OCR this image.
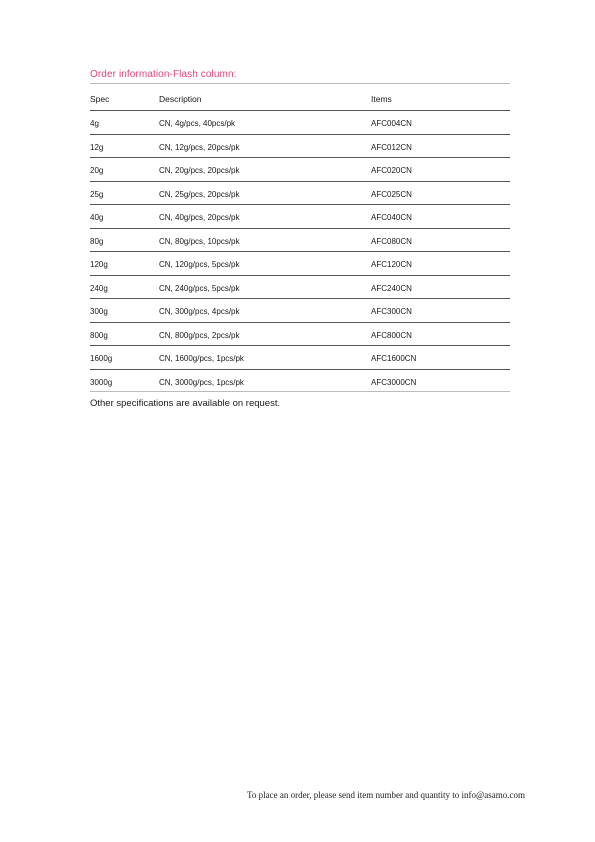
Order information-Flash column:
Spec	Description	Items
4g	CN, 4g/pcs, 40pcs/pk	AFC004CN
12g	CN, 12g/pcs, 20pcs/pk	AFC012CN
20g	CN, 20g/pcs, 20pcs/pk	AFC020CN
25g	CN, 25g/pcs, 20pcs/pk	AFC025CN
40g	CN, 40g/pcs, 20pcs/pk	AFC040CN
80g	CN, 80g/pcs, 10pcs/pk	AFC080CN
120g	CN, 120g/pcs, 5pcs/pk	AFC120CN
240g	CN, 240g/pcs, 5pcs/pk	AFC240CN
300g	CN, 300g/pcs, 4pcs/pk	AFC300CN
800g	CN, 800g/pcs, 2pcs/pk	AFC800CN
1600g	CN, 1600g/pcs, 1pcs/pk	AFC1600CN
3000g	CN, 3000g/pcs, 1pcs/pk	AFC3000CN
Other specifications are available on request.
To place an order, please send item number and quantity to info@asamo.com
